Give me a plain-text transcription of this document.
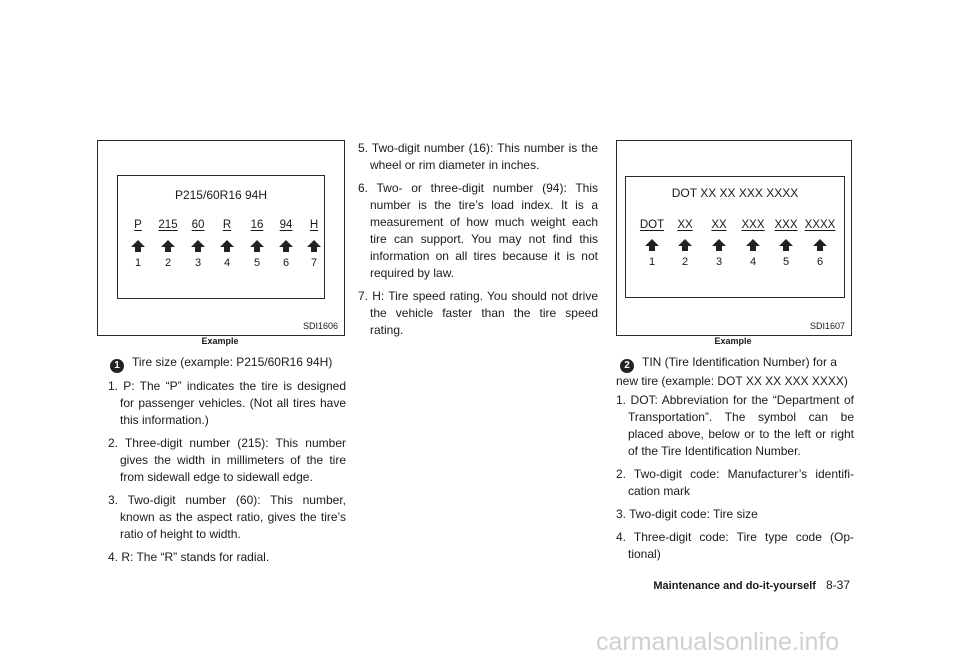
P215/60R16 94H
P
1
215
2
60
3
R
4
16
5
94
6
H
7
SDI1606
Example
DOT XX XX XXX XXXX
DOT
1
XX
2
XX
3
XXX
4
XXX
5
XXXX
6
SDI1607
Example
1 Tire size (example: P215/60R16 94H)
1. P: The “P” indicates the tire is designed for passenger vehicles. (Not all tires have this information.)
2. Three-digit number (215): This number gives the width in millimeters of the tire from sidewall edge to sidewall edge.
3. Two-digit number (60): This number, known as the aspect ratio, gives the tire’s ratio of height to width.
4. R: The “R” stands for radial.
5. Two-digit number (16): This number is the wheel or rim diameter in inches.
6. Two- or three-digit number (94): This number is the tire’s load index. It is a measurement of how much weight each tire can support. You may not find this information on all tires because it is not required by law.
7. H: Tire speed rating. You should not drive the vehicle faster than the tire speed rating.
2 TIN (Tire Identification Number) for a
new tire (example: DOT XX XX XXX XXXX)
1. DOT: Abbreviation for the “Department of Transportation”. The symbol can be placed above, below or to the left or right of the Tire Identification Number.
2. Two-digit code: Manufacturer’s identifi- cation mark
3. Two-digit code: Tire size
4. Three-digit code: Tire type code (Op- tional)
Maintenance and do-it-yourself 8-37
carmanualsonline.info
